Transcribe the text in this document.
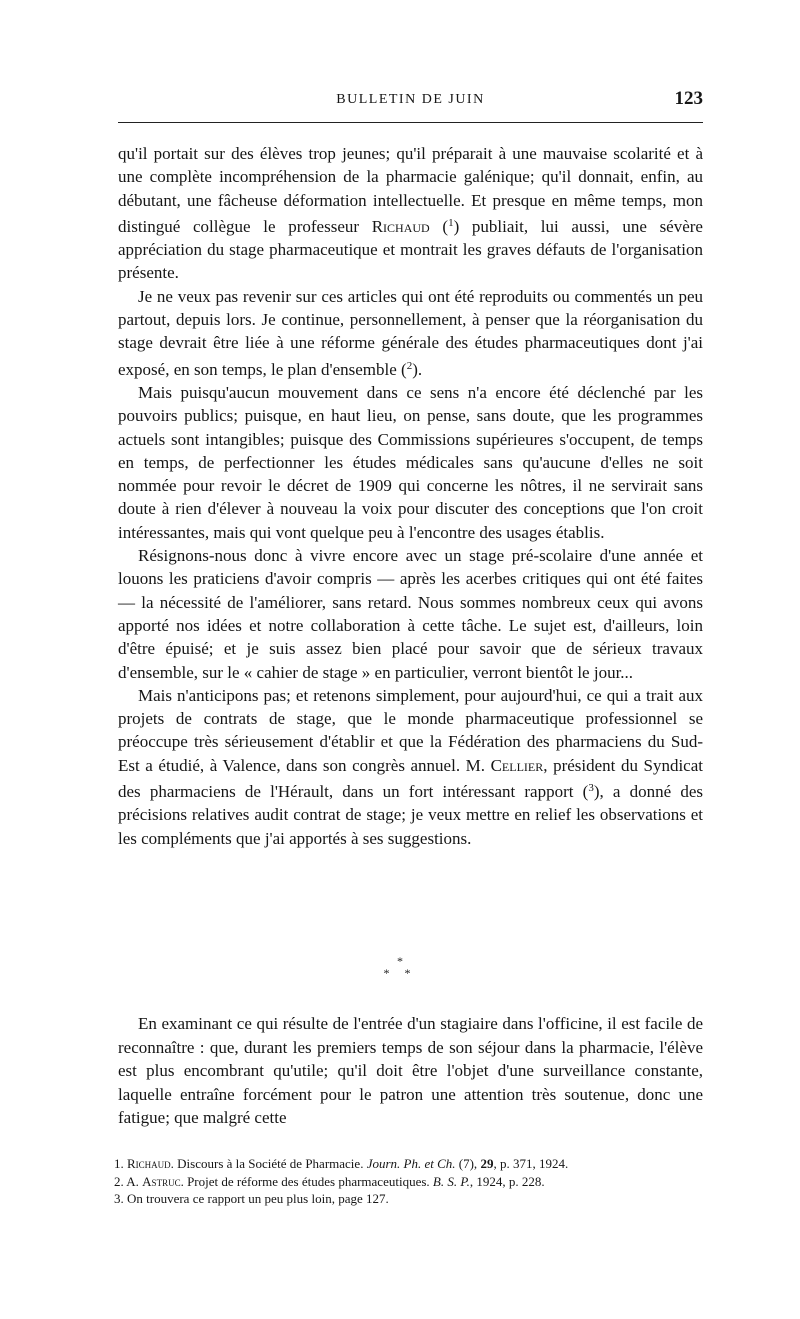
BULLETIN DE JUIN	123

qu'il portait sur des élèves trop jeunes; qu'il préparait à une mauvaise scolarité et à une complète incompréhension de la pharmacie galénique; qu'il donnait, enfin, au débutant, une fâcheuse déformation intellectuelle. Et presque en même temps, mon distingué collègue le professeur Richaud ($^1$) publiait, lui aussi, une sévère appréciation du stage pharmaceutique et montrait les graves défauts de l'organisation présente.

Je ne veux pas revenir sur ces articles qui ont été reproduits ou commentés un peu partout, depuis lors. Je continue, personnellement, à penser que la réorganisation du stage devrait être liée à une réforme générale des études pharmaceutiques dont j'ai exposé, en son temps, le plan d'ensemble ($^2$).

Mais puisqu'aucun mouvement dans ce sens n'a encore été déclenché par les pouvoirs publics; puisque, en haut lieu, on pense, sans doute, que les programmes actuels sont intangibles; puisque des Commissions supérieures s'occupent, de temps en temps, de perfectionner les études médicales sans qu'aucune d'elles ne soit nommée pour revoir le décret de 1909 qui concerne les nôtres, il ne servirait sans doute à rien d'élever à nouveau la voix pour discuter des conceptions que l'on croit intéressantes, mais qui vont quelque peu à l'encontre des usages établis.

Résignons-nous donc à vivre encore avec un stage pré-scolaire d'une année et louons les praticiens d'avoir compris — après les acerbes critiques qui ont été faites — la nécessité de l'améliorer, sans retard. Nous sommes nombreux ceux qui avons apporté nos idées et notre collaboration à cette tâche. Le sujet est, d'ailleurs, loin d'être épuisé; et je suis assez bien placé pour savoir que de sérieux travaux d'ensemble, sur le « cahier de stage » en particulier, verront bientôt le jour...

Mais n'anticipons pas; et retenons simplement, pour aujourd'hui, ce qui a trait aux projets de contrats de stage, que le monde pharmaceutique professionnel se préoccupe très sérieusement d'établir et que la Fédération des pharmaciens du Sud-Est a étudié, à Valence, dans son congrès annuel. M. Cellier, président du Syndicat des pharmaciens de l'Hérault, dans un fort intéressant rapport ($^3$), a donné des précisions relatives audit contrat de stage; je veux mettre en relief les observations et les compléments que j'ai apportés à ses suggestions.

*
* *

En examinant ce qui résulte de l'entrée d'un stagiaire dans l'officine, il est facile de reconnaître : que, durant les premiers temps de son séjour dans la pharmacie, l'élève est plus encombrant qu'utile; qu'il doit être l'objet d'une surveillance constante, laquelle entraîne forcément pour le patron une attention très soutenue, donc une fatigue; que malgré cette

1. Richaud. Discours à la Société de Pharmacie. Journ. Ph. et Ch. (7), 29, p. 371, 1924.
2. A. Astruc. Projet de réforme des études pharmaceutiques. B. S. P., 1924, p. 228.
3. On trouvera ce rapport un peu plus loin, page 127.
